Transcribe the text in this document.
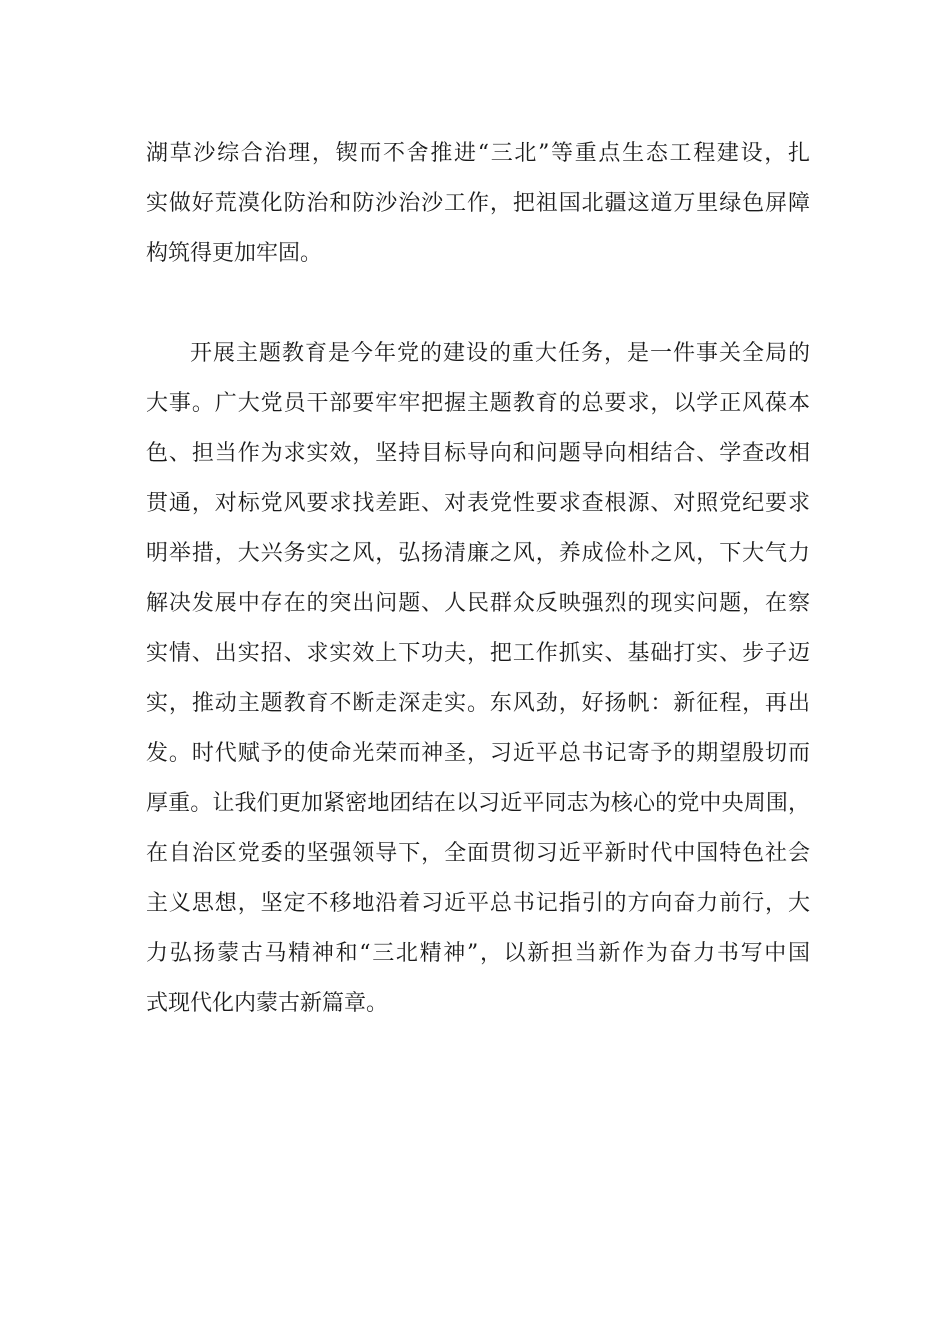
湖草沙综合治理，锲而不舍推进“三北”等重点生态工程建设，扎
实做好荒漠化防治和防沙治沙工作，把祖国北疆这道万里绿色屏障
构筑得更加牢固。
开展主题教育是今年党的建设的重大任务，是一件事关全局的
大事。广大党员干部要牢牢把握主题教育的总要求，以学正风葆本
色、担当作为求实效，坚持目标导向和问题导向相结合、学查改相
贯通，对标党风要求找差距、对表党性要求查根源、对照党纪要求
明举措，大兴务实之风，弘扬清廉之风，养成俭朴之风，下大气力
解决发展中存在的突出问题、人民群众反映强烈的现实问题，在察
实情、出实招、求实效上下功夫，把工作抓实、基础打实、步子迈
实，推动主题教育不断走深走实。东风劲，好扬帆：新征程，再出
发。时代赋予的使命光荣而神圣，习近平总书记寄予的期望殷切而
厚重。让我们更加紧密地团结在以习近平同志为核心的党中央周围，
在自治区党委的坚强领导下，全面贯彻习近平新时代中国特色社会
主义思想，坚定不移地沿着习近平总书记指引的方向奋力前行，大
力弘扬蒙古马精神和“三北精神”，以新担当新作为奋力书写中国
式现代化内蒙古新篇章。
